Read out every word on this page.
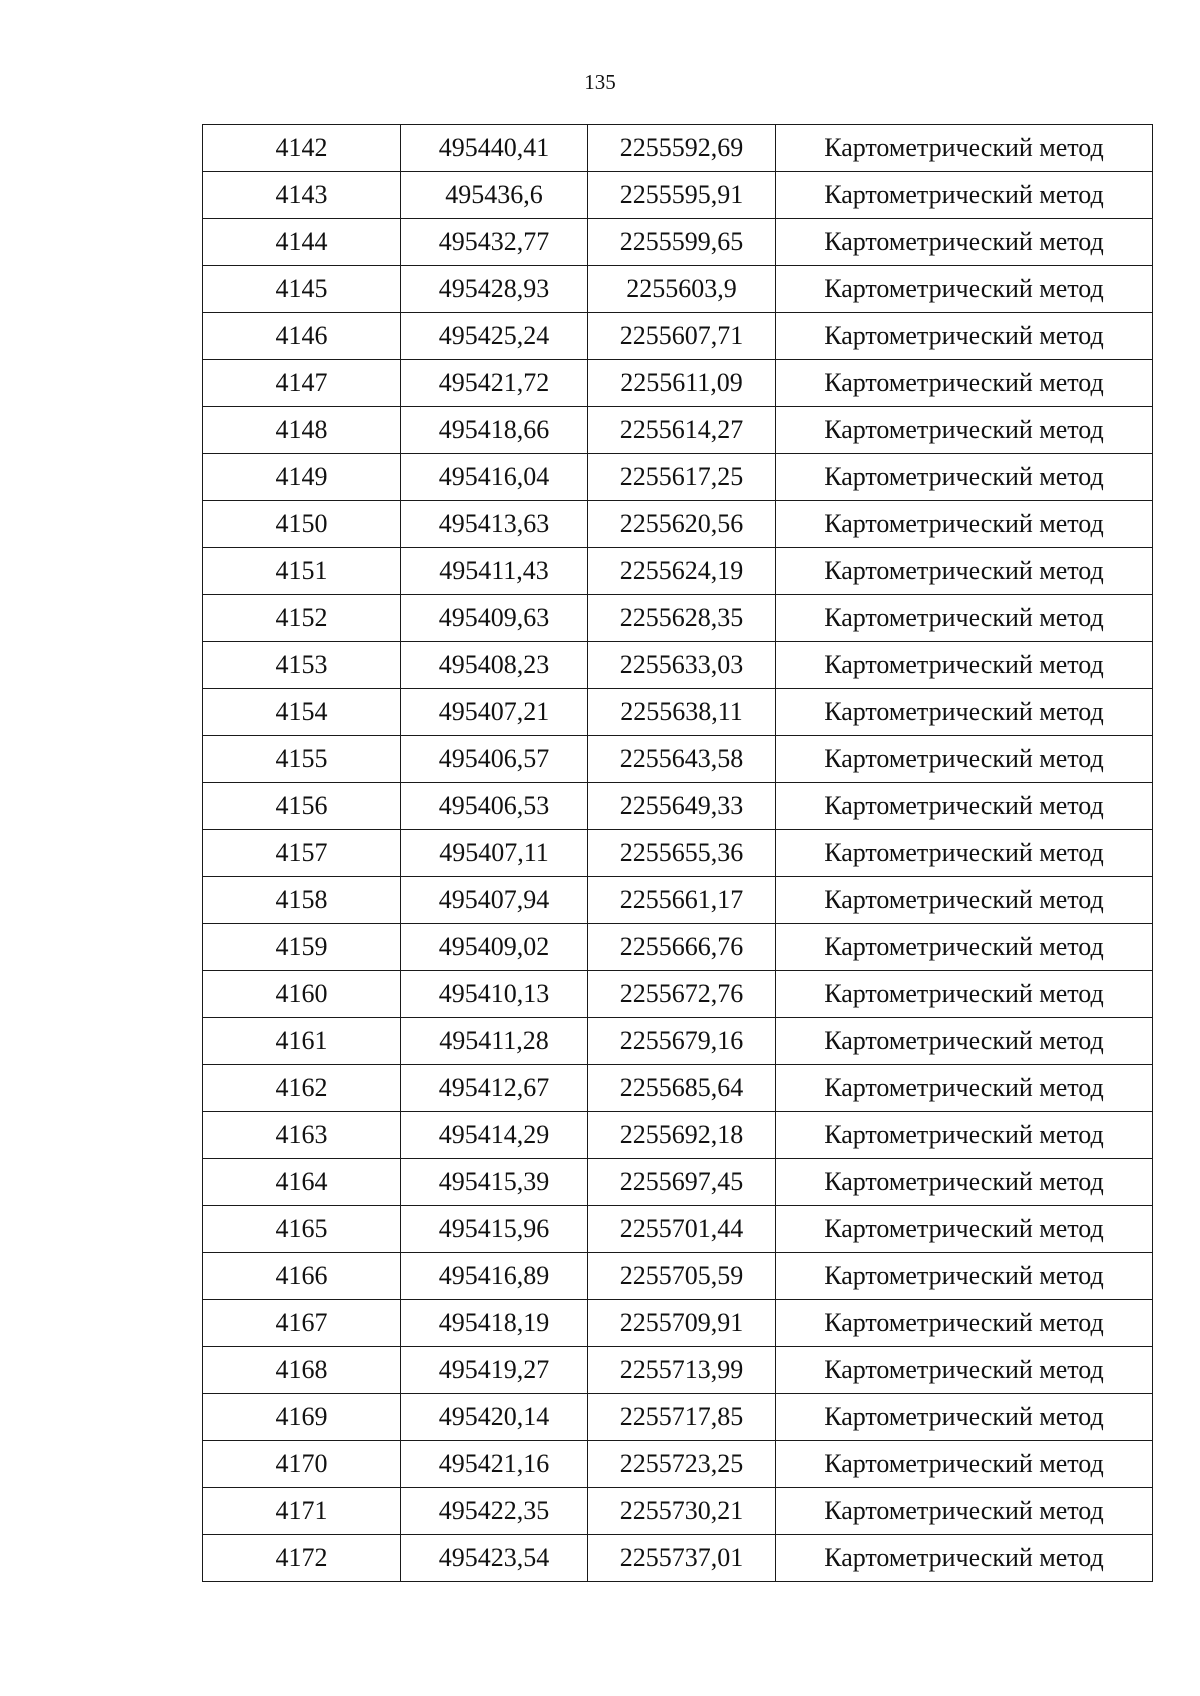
135
4142	495440,41	2255592,69	Картометрический метод
4143	495436,6	2255595,91	Картометрический метод
4144	495432,77	2255599,65	Картометрический метод
4145	495428,93	2255603,9	Картометрический метод
4146	495425,24	2255607,71	Картометрический метод
4147	495421,72	2255611,09	Картометрический метод
4148	495418,66	2255614,27	Картометрический метод
4149	495416,04	2255617,25	Картометрический метод
4150	495413,63	2255620,56	Картометрический метод
4151	495411,43	2255624,19	Картометрический метод
4152	495409,63	2255628,35	Картометрический метод
4153	495408,23	2255633,03	Картометрический метод
4154	495407,21	2255638,11	Картометрический метод
4155	495406,57	2255643,58	Картометрический метод
4156	495406,53	2255649,33	Картометрический метод
4157	495407,11	2255655,36	Картометрический метод
4158	495407,94	2255661,17	Картометрический метод
4159	495409,02	2255666,76	Картометрический метод
4160	495410,13	2255672,76	Картометрический метод
4161	495411,28	2255679,16	Картометрический метод
4162	495412,67	2255685,64	Картометрический метод
4163	495414,29	2255692,18	Картометрический метод
4164	495415,39	2255697,45	Картометрический метод
4165	495415,96	2255701,44	Картометрический метод
4166	495416,89	2255705,59	Картометрический метод
4167	495418,19	2255709,91	Картометрический метод
4168	495419,27	2255713,99	Картометрический метод
4169	495420,14	2255717,85	Картометрический метод
4170	495421,16	2255723,25	Картометрический метод
4171	495422,35	2255730,21	Картометрический метод
4172	495423,54	2255737,01	Картометрический метод
